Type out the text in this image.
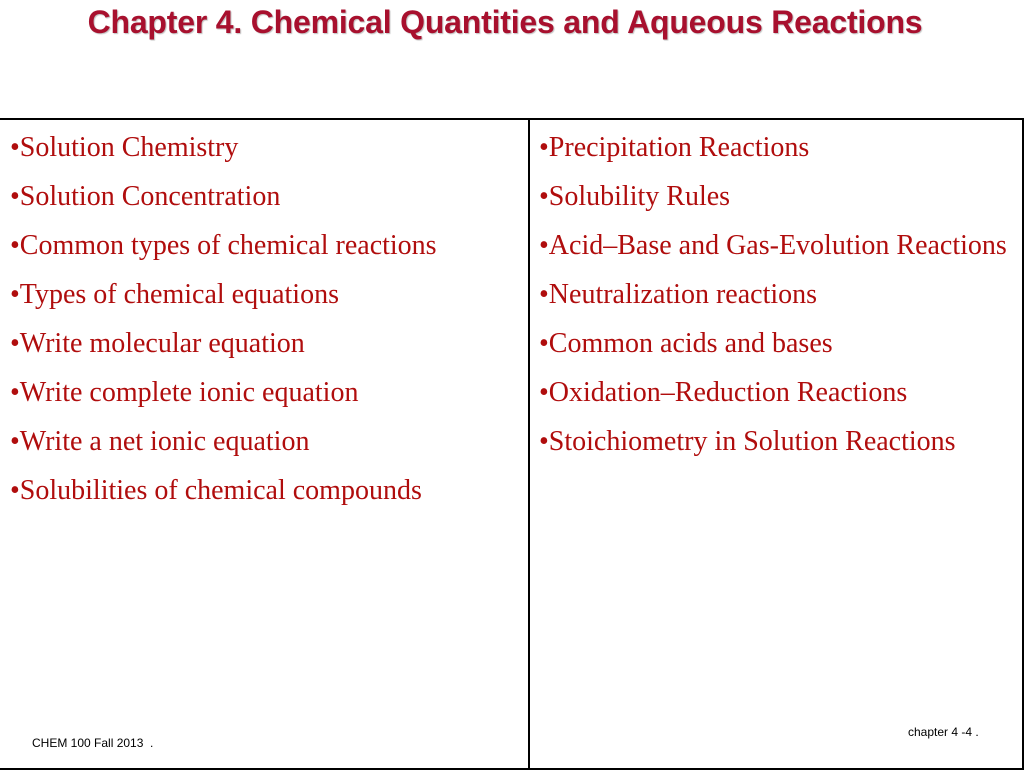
Chapter 4. Chemical Quantities and Aqueous Reactions
•Solution Chemistry
•Solution Concentration
•Common types of chemical reactions
•Types of chemical equations
•Write molecular equation
•Write complete ionic equation
•Write a net ionic equation
•Solubilities of chemical compounds
•Precipitation Reactions
•Solubility Rules
•Acid–Base and Gas-Evolution Reactions
•Neutralization reactions
•Common acids and bases
•Oxidation–Reduction Reactions
•Stoichiometry in Solution Reactions
CHEM 100 Fall 2013  .
chapter 4 -4 .
